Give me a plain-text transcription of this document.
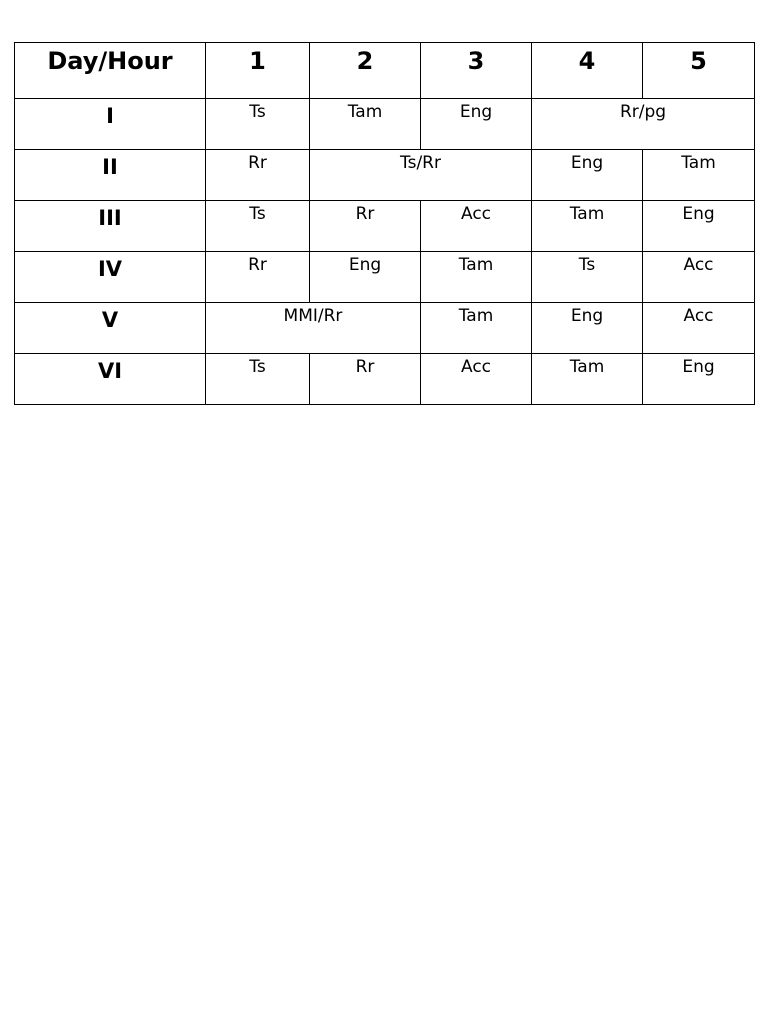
Day/Hour	1	2	3	4	5
I	Ts	Tam	Eng	Rr/pg	
II	Rr	Ts/Rr		Eng	Tam
III	Ts	Rr	Acc	Tam	Eng
IV	Rr	Eng	Tam	Ts	Acc
V	MMI/Rr		Tam	Eng	Acc
VI	Ts	Rr	Acc	Tam	Eng
